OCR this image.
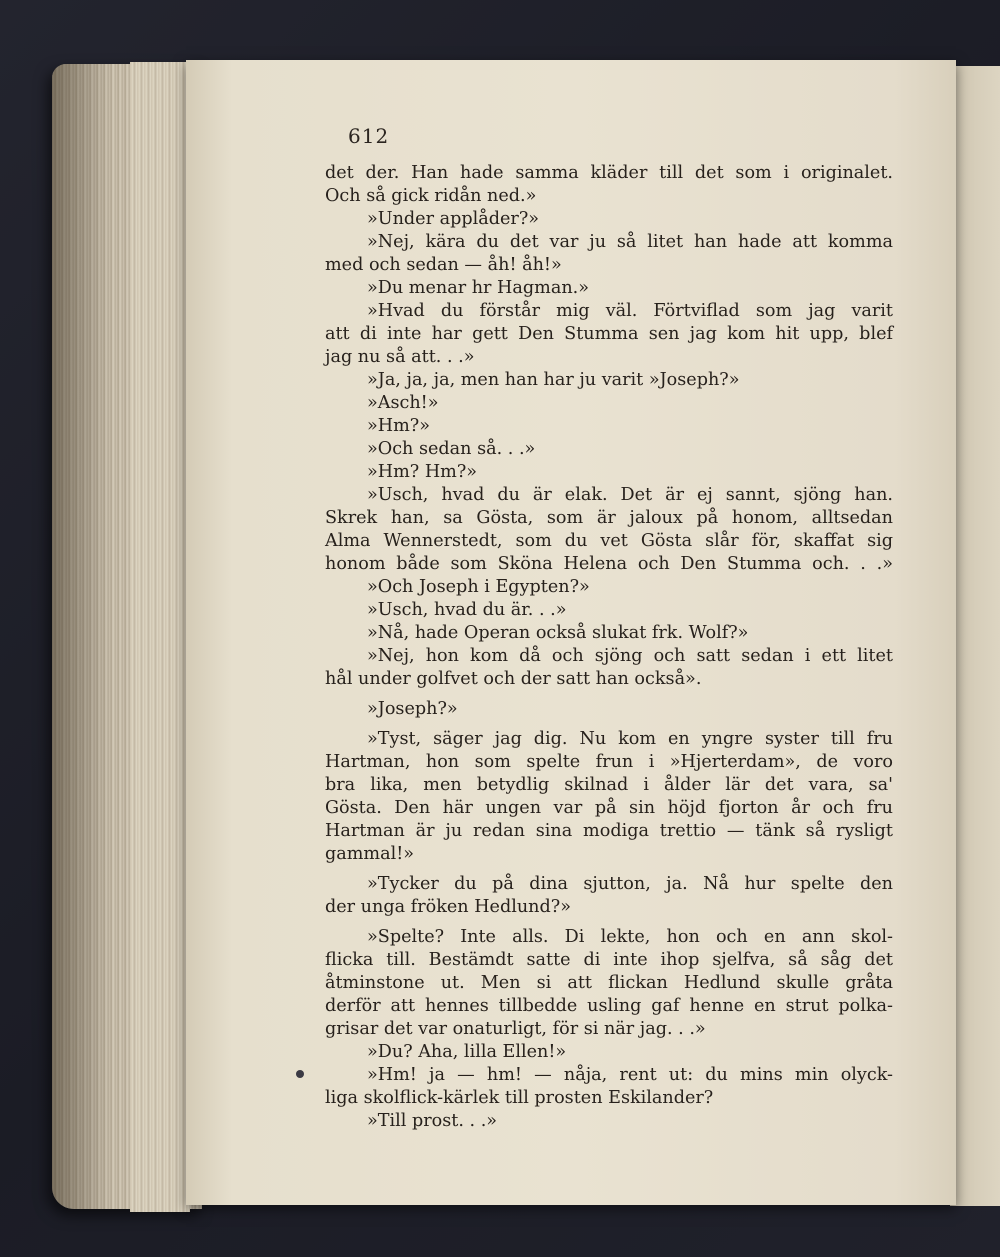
612
det der. Han hade samma kläder till det som i originalet.
Och så gick ridån ned.»
»Under applåder?»
»Nej, kära du det var ju så litet han hade att komma
med och sedan — åh! åh!»
»Du menar hr Hagman.»
»Hvad du förstår mig väl. Förtviflad som jag varit
att di inte har gett Den Stumma sen jag kom hit upp, blef
jag nu så att. . .»
»Ja, ja, ja, men han har ju varit »Joseph?»
»Asch!»
»Hm?»
»Och sedan så. . .»
»Hm? Hm?»
»Usch, hvad du är elak. Det är ej sannt, sjöng han.
Skrek han, sa Gösta, som är jaloux på honom, alltsedan
Alma Wennerstedt, som du vet Gösta slår för, skaffat sig
honom både som Sköna Helena och Den Stumma och. . .»
»Och Joseph i Egypten?»
»Usch, hvad du är. . .»
»Nå, hade Operan också slukat frk. Wolf?»
»Nej, hon kom då och sjöng och satt sedan i ett litet
hål under golfvet och der satt han också».
»Joseph?»
»Tyst, säger jag dig. Nu kom en yngre syster till fru
Hartman, hon som spelte frun i »Hjerterdam», de voro
bra lika, men betydlig skilnad i ålder lär det vara, sa'
Gösta. Den här ungen var på sin höjd fjorton år och fru
Hartman är ju redan sina modiga trettio — tänk så rysligt
gammal!»
»Tycker du på dina sjutton, ja. Nå hur spelte den
der unga fröken Hedlund?»
»Spelte? Inte alls. Di lekte, hon och en ann skol-
flicka till. Bestämdt satte di inte ihop sjelfva, så såg det
åtminstone ut. Men si att flickan Hedlund skulle gråta
derför att hennes tillbedde usling gaf henne en strut polka-
grisar det var onaturligt, för si när jag. . .»
»Du? Aha, lilla Ellen!»
»Hm! ja — hm! — nåja, rent ut: du mins min olyck-
liga skolflick-kärlek till prosten Eskilander?
»Till prost. . .»
